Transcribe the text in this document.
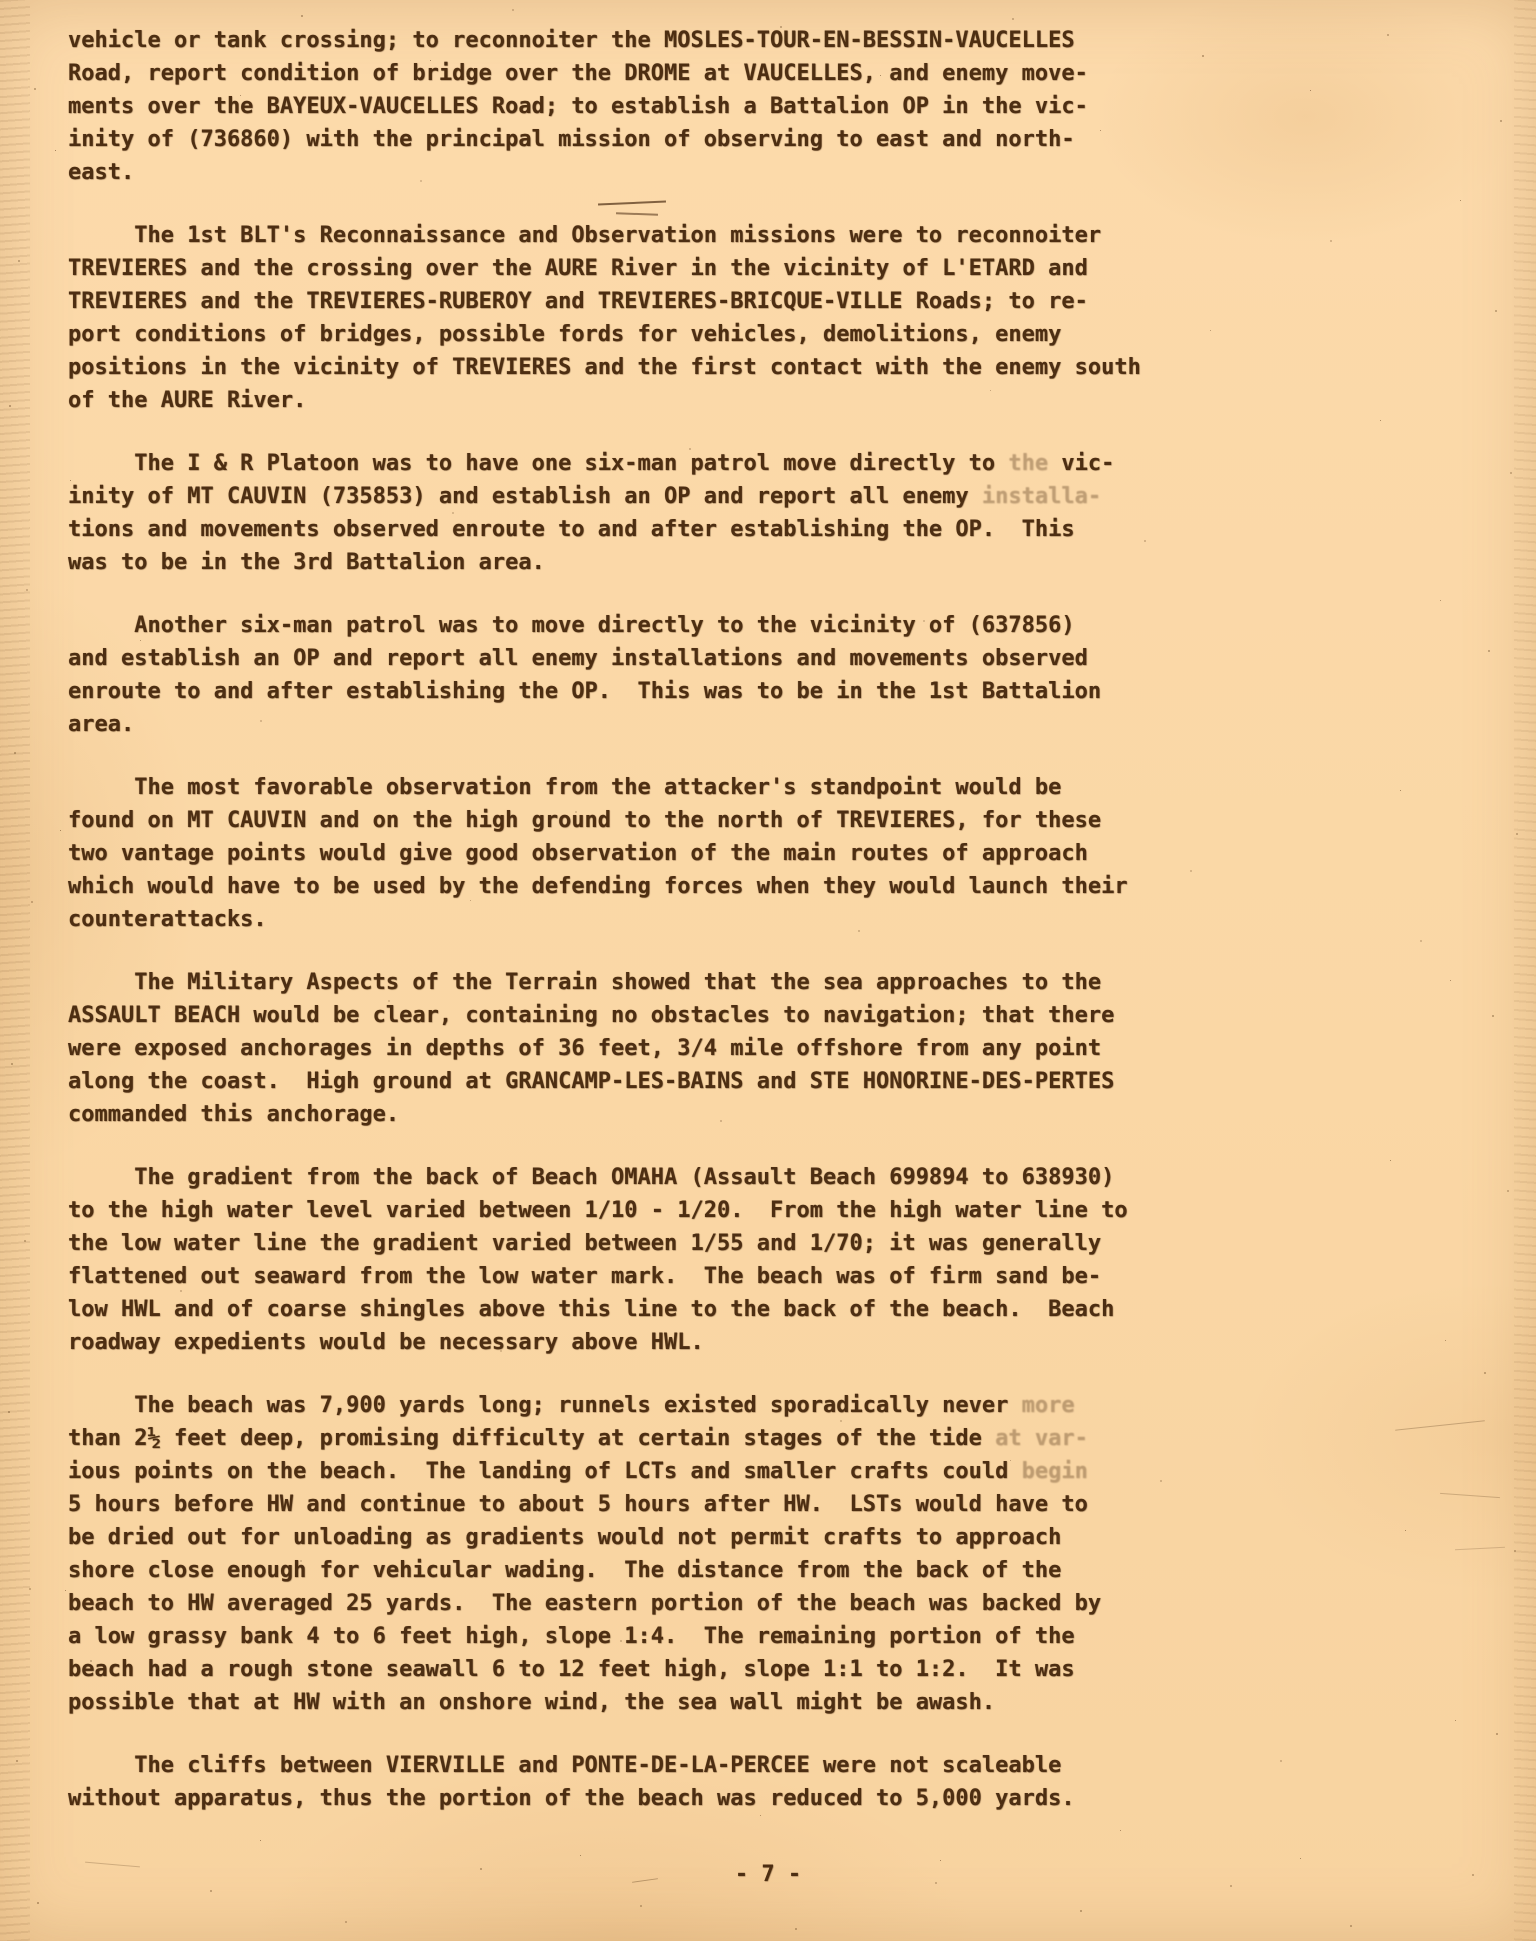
vehicle or tank crossing; to reconnoiter the MOSLES-TOUR-EN-BESSIN-VAUCELLES
Road, report condition of bridge over the DROME at VAUCELLES, and enemy move-
ments over the BAYEUX-VAUCELLES Road; to establish a Battalion OP in the vic-
inity of (736860) with the principal mission of observing to east and north-
east.
The 1st BLT's Reconnaissance and Observation missions were to reconnoiter
TREVIERES and the crossing over the AURE River in the vicinity of L'ETARD and
TREVIERES and the TREVIERES-RUBEROY and TREVIERES-BRICQUE-VILLE Roads; to re-
port conditions of bridges, possible fords for vehicles, demolitions, enemy
positions in the vicinity of TREVIERES and the first contact with the enemy south
of the AURE River.
The I & R Platoon was to have one six-man patrol move directly to the vic-
inity of MT CAUVIN (735853) and establish an OP and report all enemy installa-
tions and movements observed enroute to and after establishing the OP.  This
was to be in the 3rd Battalion area.
Another six-man patrol was to move directly to the vicinity of (637856)
and establish an OP and report all enemy installations and movements observed
enroute to and after establishing the OP.  This was to be in the 1st Battalion
area.
The most favorable observation from the attacker's standpoint would be
found on MT CAUVIN and on the high ground to the north of TREVIERES, for these
two vantage points would give good observation of the main routes of approach
which would have to be used by the defending forces when they would launch their
counterattacks.
The Military Aspects of the Terrain showed that the sea approaches to the
ASSAULT BEACH would be clear, containing no obstacles to navigation; that there
were exposed anchorages in depths of 36 feet, 3/4 mile offshore from any point
along the coast.  High ground at GRANCAMP-LES-BAINS and STE HONORINE-DES-PERTES
commanded this anchorage.
The gradient from the back of Beach OMAHA (Assault Beach 699894 to 638930)
to the high water level varied between 1/10 - 1/20.  From the high water line to
the low water line the gradient varied between 1/55 and 1/70; it was generally
flattened out seaward from the low water mark.  The beach was of firm sand be-
low HWL and of coarse shingles above this line to the back of the beach.  Beach
roadway expedients would be necessary above HWL.
The beach was 7,900 yards long; runnels existed sporadically never more
than 2½ feet deep, promising difficulty at certain stages of the tide at var-
ious points on the beach.  The landing of LCTs and smaller crafts could begin
5 hours before HW and continue to about 5 hours after HW.  LSTs would have to
be dried out for unloading as gradients would not permit crafts to approach
shore close enough for vehicular wading.  The distance from the back of the
beach to HW averaged 25 yards.  The eastern portion of the beach was backed by
a low grassy bank 4 to 6 feet high, slope 1:4.  The remaining portion of the
beach had a rough stone seawall 6 to 12 feet high, slope 1:1 to 1:2.  It was
possible that at HW with an onshore wind, the sea wall might be awash.
The cliffs between VIERVILLE and PONTE-DE-LA-PERCEE were not scaleable
without apparatus, thus the portion of the beach was reduced to 5,000 yards.
- 7 -
